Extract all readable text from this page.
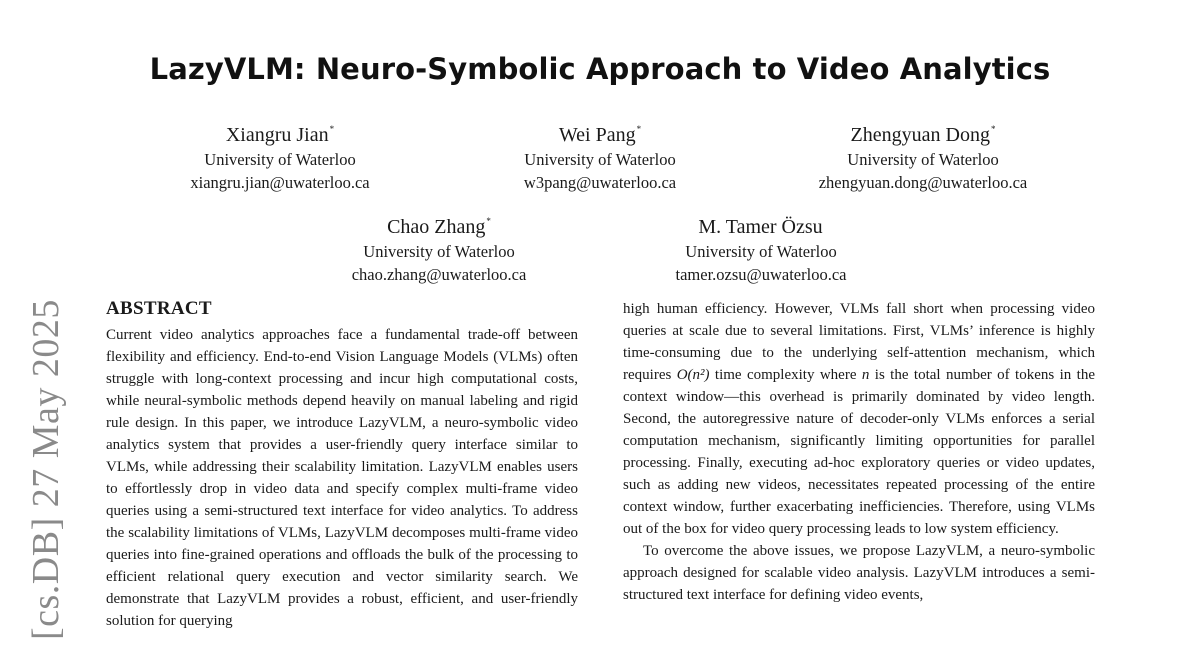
LazyVLM: Neuro-Symbolic Approach to Video Analytics
Xiangru Jian*
University of Waterloo
xiangru.jian@uwaterloo.ca
Wei Pang*
University of Waterloo
w3pang@uwaterloo.ca
Zhengyuan Dong*
University of Waterloo
zhengyuan.dong@uwaterloo.ca
Chao Zhang*
University of Waterloo
chao.zhang@uwaterloo.ca
M. Tamer Özsu
University of Waterloo
tamer.ozsu@uwaterloo.ca
[cs.DB] 27 May 2025 ABSTRACT

Current video analytics approaches face a fundamental trade-off between flexibility and efficiency. End-to-end Vision Language Models (VLMs) often struggle with long-context processing and incur high computational costs, while neural-symbolic methods depend heavily on manual labeling and rigid rule design. In this paper, we introduce LazyVLM, a neuro-symbolic video analytics system that provides a user-friendly query interface similar to VLMs, while addressing their scalability limitation. LazyVLM enables users to effortlessly drop in video data and specify complex multi-frame video queries using a semi-structured text interface for video analytics. To address the scalability limitations of VLMs, LazyVLM decomposes multi-frame video queries into fine-grained operations and offloads the bulk of the processing to efficient relational query execution and vector similarity search. We demonstrate that LazyVLM provides a robust, efficient, and user-friendly solution for querying

high human efficiency. However, VLMs fall short when processing video queries at scale due to several limitations. First, VLMs’ inference is highly time-consuming due to the underlying self-attention mechanism, which requires O(n²) time complexity where n is the total number of tokens in the context window—this overhead is primarily dominated by video length. Second, the autoregressive nature of decoder-only VLMs enforces a serial computation mechanism, significantly limiting opportunities for parallel processing. Finally, executing ad-hoc exploratory queries or video updates, such as adding new videos, necessitates repeated processing of the entire context window, further exacerbating inefficiencies. Therefore, using VLMs out of the box for video query processing leads to low system efficiency.

To overcome the above issues, we propose LazyVLM, a neuro-symbolic approach designed for scalable video analysis. LazyVLM introduces a semi-structured text interface for defining video events,
